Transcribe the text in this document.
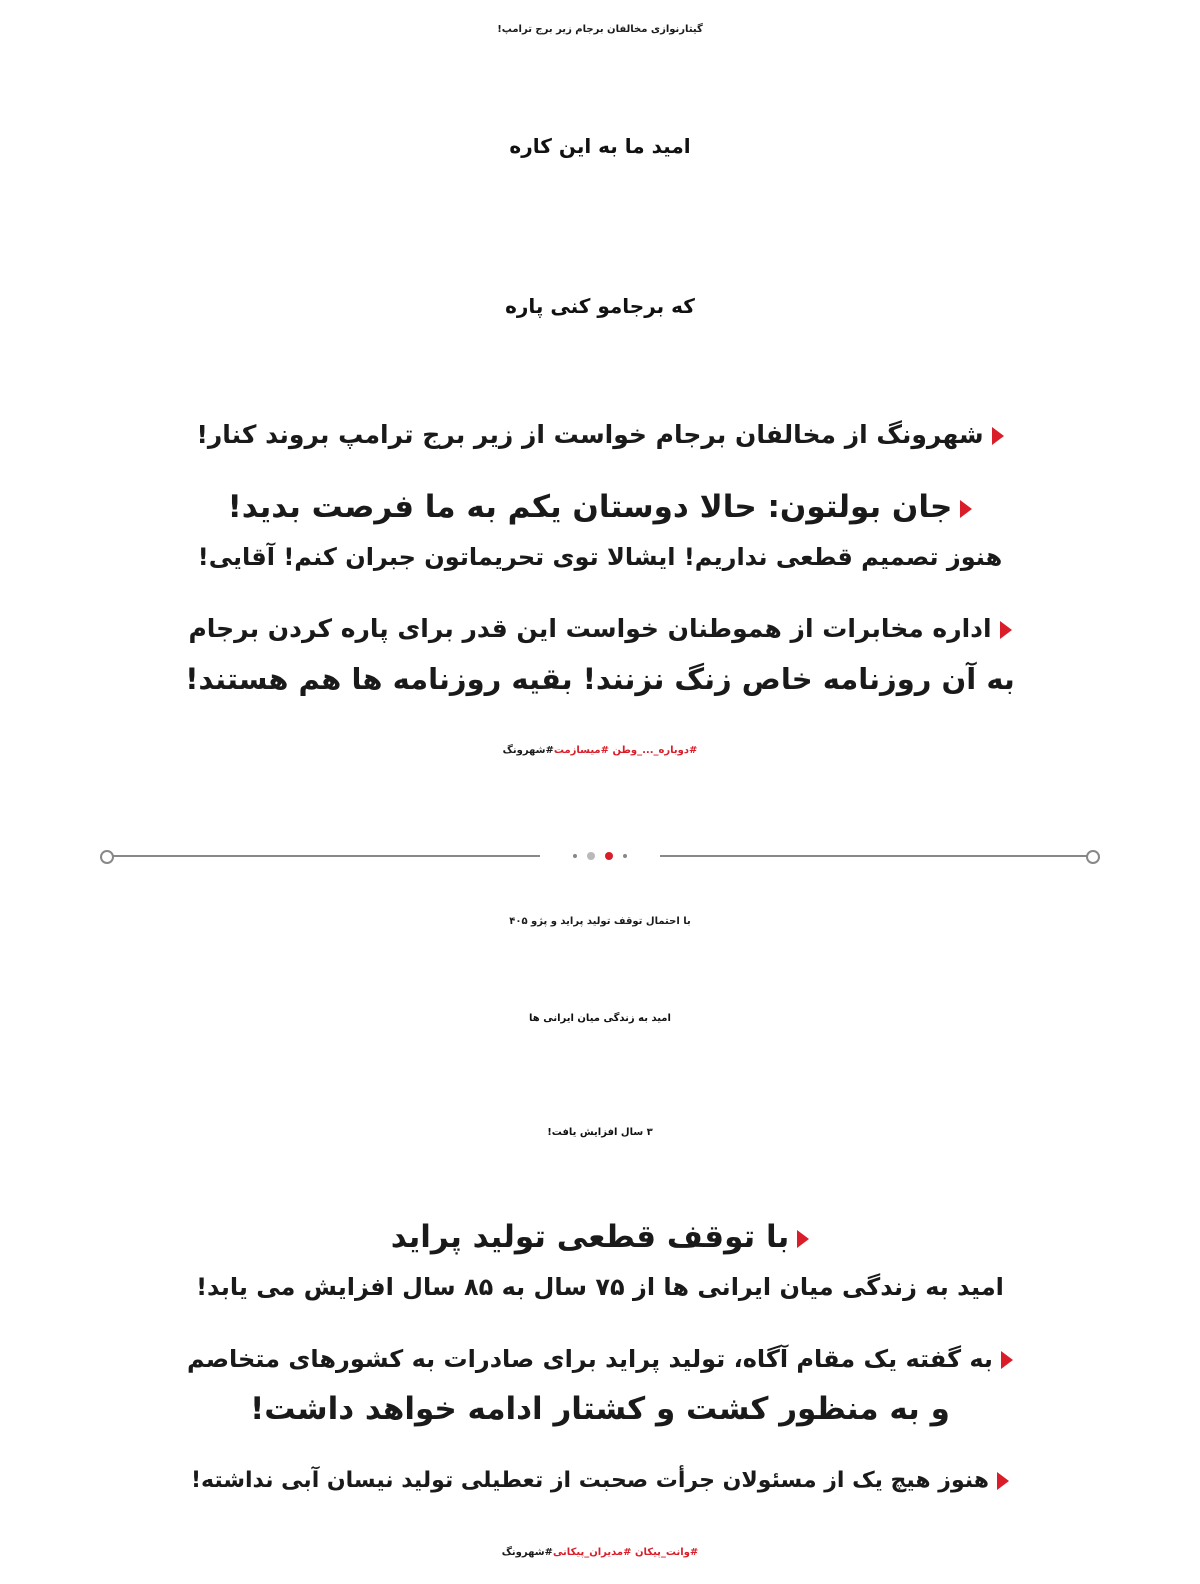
گیتارنوازی مخالفان برجام زیر برج ترامپ!

امید ما به این کاره
که برجامو کنی پاره
شهرونگ از مخالفان برجام خواست از زیر برج ترامپ بروند کنار!
جان بولتون: حالا دوستان یکم به ما فرصت بدید!
هنوز تصمیم قطعی نداریم! ایشالا توی تحریماتون جبران کنم! آقایی!
اداره مخابرات از هموطنان خواست این قدر برای پاره کردن برجام
به آن روزنامه خاص زنگ نزنند! بقیه روزنامه ها هم هستند!
#دوباره_..._وطن #میسازمت#شهرونگ

با احتمال توقف تولید پراید و پژو ۴۰۵

امید به زندگی میان ایرانی ها
۳ سال افزایش یافت!
با توقف قطعی تولید پراید
امید به زندگی میان ایرانی ها از ۷۵ سال به ۸۵ سال افزایش می یابد!
به گفته یک مقام آگاه، تولید پراید برای صادرات به کشورهای متخاصم
و به منظور کشت و کشتار ادامه خواهد داشت!
هنوز هیچ یک از مسئولان جرأت صحبت از تعطیلی تولید نیسان آبی نداشته!
#وانت_پیکان #مدیران_پیکانی#شهرونگ
